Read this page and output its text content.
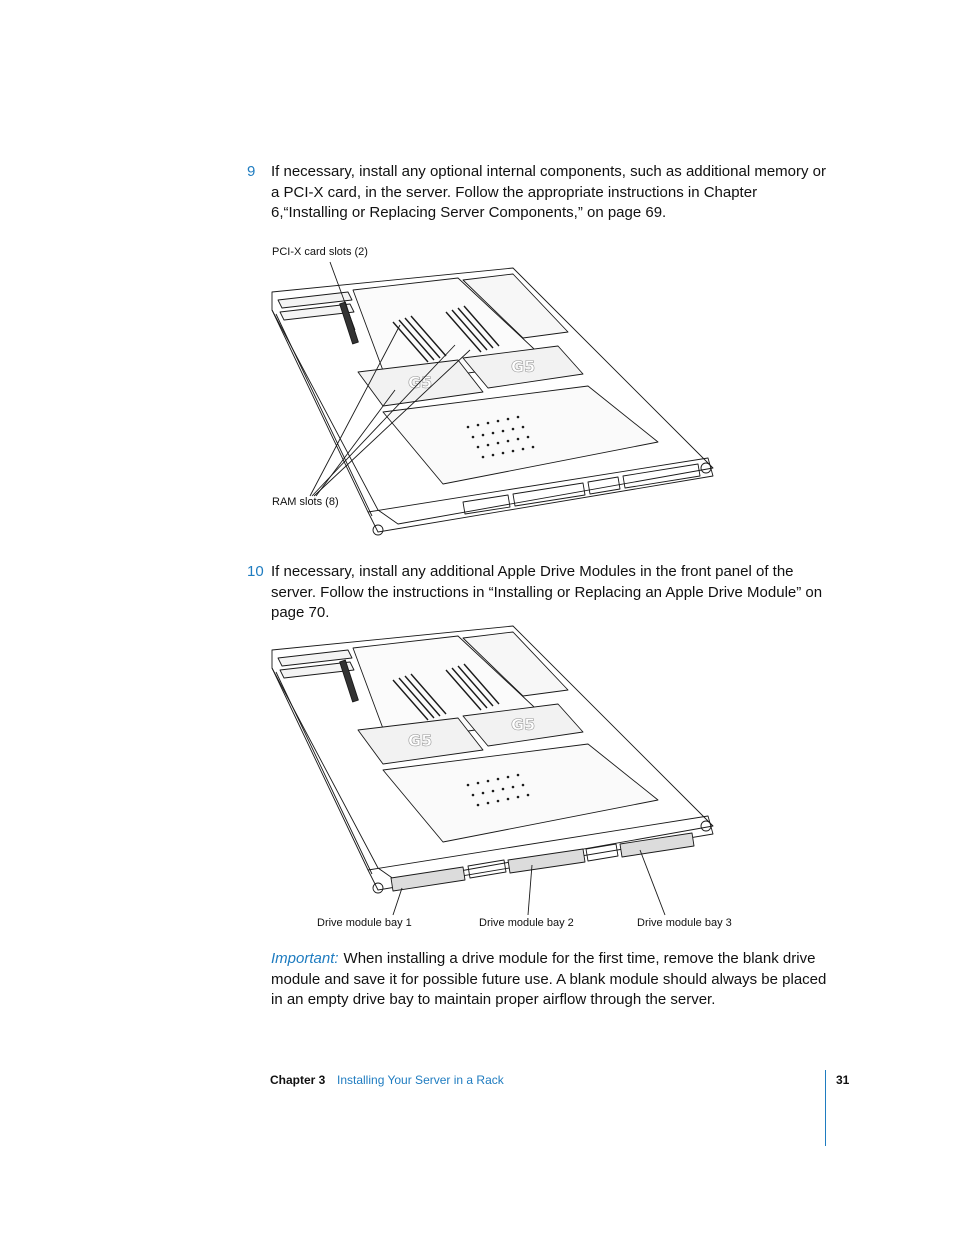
9 If necessary, install any optional internal components, such as additional memory or a PCI-X card, in the server. Follow the appropriate instructions in Chapter 6,“Installing or Replacing Server Components,” on page 69.
PCI-X card slots (2)
RAM slots (8)
G5
G5
10 If necessary, install any additional Apple Drive Modules in the front panel of the server. Follow the instructions in “Installing or Replacing an Apple Drive Module” on page 70.
G5
G5
Drive module bay 1	Drive module bay 2	Drive module bay 3
Important: When installing a drive module for the first time, remove the blank drive module and save it for possible future use. A blank module should always be placed in an empty drive bay to maintain proper airflow through the server.
Chapter 3 Installing Your Server in a Rack	31
